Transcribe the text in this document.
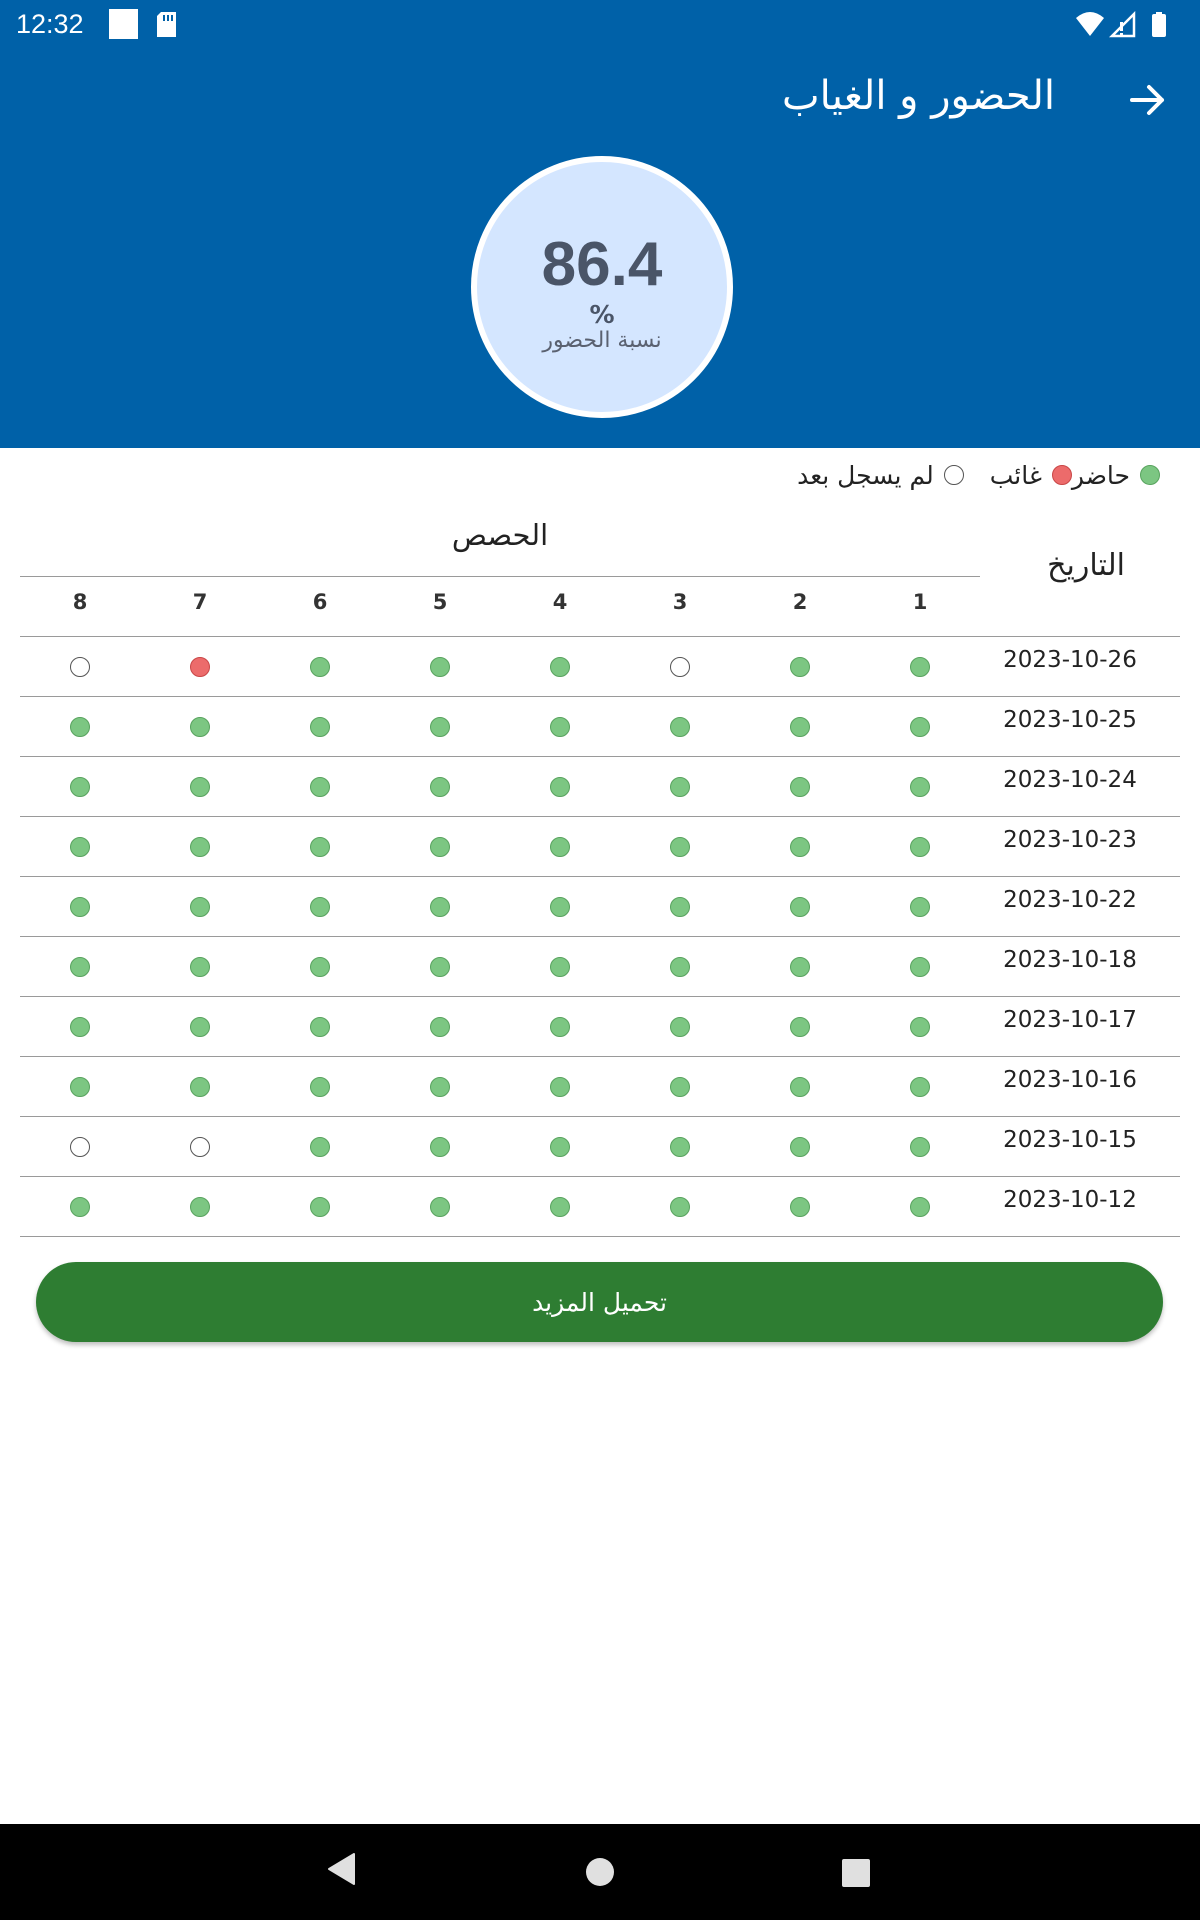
12:32
الحضور و الغياب
86.4
%
نسبة الحضور
حاضر
غائب
لم يسجل بعد
التاريخ
الحصص
1
2
3
4
5
6
7
8
2023-10-26
2023-10-25
2023-10-24
2023-10-23
2023-10-22
2023-10-18
2023-10-17
2023-10-16
2023-10-15
2023-10-12
تحميل المزيد
